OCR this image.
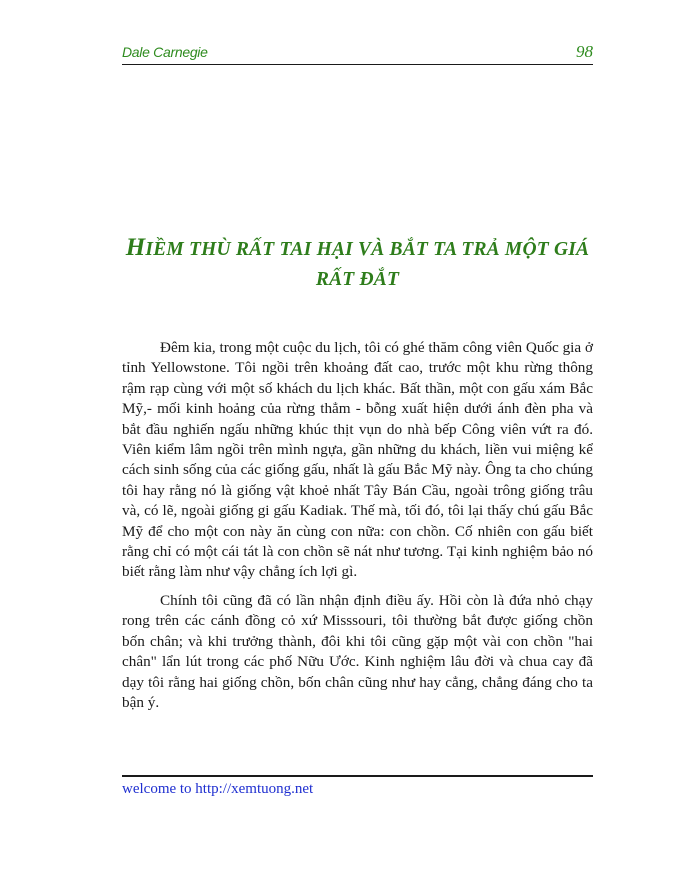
Dale Carnegie	98
HIỀM THÙ RẤT TAI HẠI VÀ BẮT TA TRẢ MỘT GIÁ RẤT ĐẮT

Đêm kia, trong một cuộc du lịch, tôi có ghé thăm công viên Quốc gia ở tỉnh Yellowstone. Tôi ngồi trên khoảng đất cao, trước một khu rừng thông rậm rạp cùng với một số khách du lịch khác. Bất thần, một con gấu xám Bắc Mỹ,- mối kinh hoảng của rừng thẳm - bỗng xuất hiện dưới ánh đèn pha và bắt đầu nghiến ngấu những khúc thịt vụn do nhà bếp Công viên vứt ra đó. Viên kiểm lâm ngồi trên mình ngựa, gần những du khách, liền vui miệng kể cách sinh sống của các giống gấu, nhất là gấu Bắc Mỹ này. Ông ta cho chúng tôi hay rằng nó là giống vật khoẻ nhất Tây Bán Cầu, ngoài trông giống trâu và, có lẽ, ngoài giống gi gấu Kadiak. Thế mà, tối đó, tôi lại thấy chú gấu Bắc Mỹ để cho một con này ăn cùng con nữa: con chồn. Cố nhiên con gấu biết rằng chỉ có một cái tát là con chồn sẽ nát như tương. Tại kinh nghiệm bảo nó biết rằng làm như vậy chẳng ích lợi gì.

Chính tôi cũng đã có lần nhận định điều ấy. Hồi còn là đứa nhỏ chạy rong trên các cánh đồng cỏ xứ Misssouri, tôi thường bắt được giống chồn bốn chân; và khi trưởng thành, đôi khi tôi cũng gặp một vài con chồn "hai chân" lẩn lút trong các phố Nữu Ước. Kinh nghiệm lâu đời và chua cay đã dạy tôi rằng hai giống chồn, bốn chân cũng như hay cẳng, chẳng đáng cho ta bận ý.

welcome to http://xemtuong.net
